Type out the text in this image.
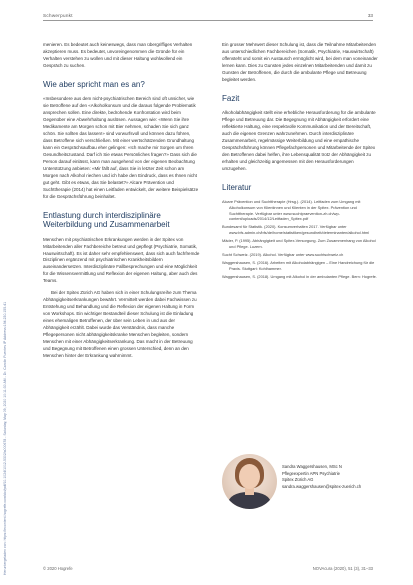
Heruntergeladen von: https://econtent.hogrefe.com/doi/pdf/10.1024/1012-5302/a000678 - Saturday, May 09, 2020 10:11:30 AM - Dr. Carolin Fuentes IP Address:194.230.155.41
Schwerpunkt	33

menieren. Es bedeutet auch keineswegs, dass man übergriffiges Verhalten akzeptieren muss. Es bedeutet, unvoreingenommen die Gründe für ein Verhalten verstehen zu wollen und mit dieser Haltung wohlwollend ein Gespräch zu suchen.

Wie aber spricht man es an?

«Insbesondere aus dem nicht-psychiatrischen Bereich sind oft unsicher, wie sie Betroffene auf den «Alkoholkonsum und die daraus folgende Problematik ansprechen sollen. Eine direkte, bedrohende Konfrontation wird beim Gegenüber eine Abwehrhaltung auslösen. Aussagen wie: «Wenn Sie ihre Medikamente am Morgen schon mit Bier nehmen, schaden Sie sich ganz schön. Sie sollten das lassen!» sind vorwurfsvoll und können dazu führen, dass Betroffene sich verschließen. Mit einer wertschätzenden Grundhaltung kann ein Gesprächsaufbau eher gelingen: «Ich mache mir Sorgen um Ihren Gesundheitszustand. Darf ich Sie etwas Persönliches fragen?» Dass sich die Person darauf einlässt, kann man ausgehend von der eigenen Beobachtung Unterstützung anbieten: «Mir fällt auf, dass Sie in letzter Zeit schon am Morgen nach Alkohol riechen und ich habe den Eindruck, dass es Ihnen nicht gut geht. Gibt es etwas, das Sie belastet?» Alcare Prävention und Suchttherapie (2014) hat einen Leitfaden entwickelt, der weitere Beispielsätze für die Gesprächsführung beinhaltet.

Entlastung durch interdisziplinäre Weiterbildung und Zusammenarbeit

Menschen mit psychiatrischen Erkrankungen werden in der Spitex von Mitarbeitenden aller Fachbereiche betreut und gepflegt (Psychiatrie, Somatik, Hauswirtschaft). Es ist daher sehr empfehlenswert, dass sich auch fachfremde Disziplinen ergänzend mit psychiatrischen Krankheitsbildern auseinandersetzen. Interdisziplinäre Fallbesprechungen und eine Möglichkeit für die Wissensvermittlung und Reflexion der eigenen Haltung, aber auch des Teams.

Bei der Spitex Zürich AG haben sich in einer Schulungsreihe zum Thema Abhängigkeitserkrankungen bewährt. Vermittelt werden dabei Fachwissen zu Entstehung und Behandlung und die Reflexion der eigenen Haltung in Form von Workshops. Ein wichtiger Bestandteil dieser Schulung ist die Einladung eines ehemaligen Betroffenen, der über sein Leben in und aus der Abhängigkeit erzählt. Dabei wurde das Verständnis, dass manche Pflegepersonen nicht abhängigkeitskranke Menschen begleiten, sondern Menschen mit einer Abhängigkeitserkrankung. Das macht in der Betreuung und Begegnung mit Betroffenen einen grossen Unterschied, denn an den Menschen hinter der Erkrankung wahrnimmt.

Ein grosser Mehrwert dieser Schulung ist, dass die Teilnahme Mitarbeitenden aus unterschiedlichen Fachbereichen (Somatik, Psychiatrie, Hauswirtschaft) offensteht und somit ein Austausch ermöglicht wird, bei dem man voneinander lernen kann. Dies zu Gunsten jedes einzelnen Mitarbeitenden und damit zu Gunsten der Betroffenen, die durch die ambulante Pflege und Betreuung begleitet werden.

Fazit

Alkoholabhängigkeit stellt eine erhebliche Herausforderung für die ambulante Pflege und Betreuung dar. Die Begegnung mit Abhängigkeit erfordert eine reflektierte Haltung, eine respektvolle Kommunikation und der Bereitschaft, auch die eigenen Grenzen wahrzunehmen. Durch interdisziplinäre Zusammenarbeit, regelmässige Weiterbildung und eine empathische Gesprächsführung können Pflegefachpersonen und Mitarbeitende der Spitex den Betroffenen dabei helfen, ihre Lebensqualität trotz der Abhängigkeit zu erhalten und gleichzeitig angemessen mit den Herausforderungen umzugehen.

Literatur

Alcare Prävention und Suchttherapie (Hrsg.). (2014). Leitfaden zum Umgang mit Alkoholkonsum von Klientinnen und Klienten in der Spitex. Prävention und Suchttherapie. Verfügbar unter www.suchtpraevention-zh.ch/wp-content/uploads/2014/12/Leitfaden_Spitex.pdf

Bundesamt für Statistik. (2020). Konsumverhalten 2017. Verfügbar unter www.bfs.admin.ch/bfs/de/home/statistiken/gesundheit/determinanten/alkohol.html

Mäder, P. (1995). Abhängigkeit und Spitex-Versorgung. Zum Zusammenhang von Alkohol und Pflege. Luzern.

Sucht Schweiz. (2019). Alkohol. Verfügbar unter www.suchtschweiz.ch

Waggershausen, S. (2016). Arbeiten mit Alkoholabhängigen – Eine Handreichung für die Praxis. Stuttgart: Kohlhammer.

Waggershausen, S. (2018). Umgang mit Alkohol in der ambulanten Pflege. Bern: Hogrefe.

Sandra Waggershausen, MSc N
Pflegeexpertin APN Psychiatrie
Spitex Zürich AG
sandra.waggershausen@spitex-zuerich.ch
© 2020 Hogrefe	NOVAcura (2020), 51 (3), 31–33
